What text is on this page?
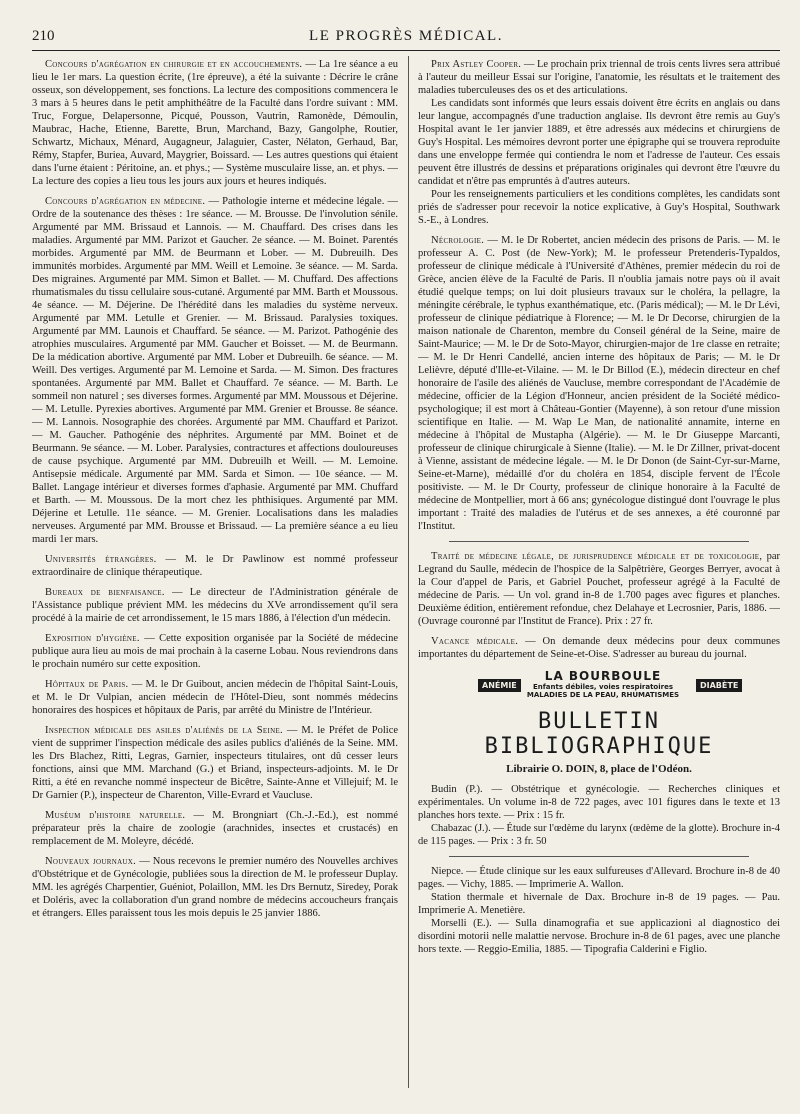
210	LE PROGRÈS MÉDICAL.

Concours d'agrégation en chirurgie et en accouchements. — La 1re séance a eu lieu le 1er mars. La question écrite, (1re épreuve), a été la suivante : Décrire le crâne osseux, son développement, ses fonctions. La lecture des compositions commencera le 3 mars à 5 heures dans le petit amphithéâtre de la Faculté dans l'ordre suivant : MM. Truc, Forgue, Delapersonne, Picqué, Pousson, Vautrin, Ramonède, Démoulin, Maubrac, Hache, Etienne, Barette, Brun, Marchand, Bazy, Gangolphe, Routier, Schwartz, Michaux, Ménard, Augagneur, Jalaguier, Caster, Nélaton, Gerhaud, Bar, Rémy, Stapfer, Buriea, Auvard, Maygrier, Boissard. — Les autres questions qui étaient dans l'urne étaient : Péritoine, an. et phys.; — Système musculaire lisse, an. et phys. — La lecture des copies a lieu tous les jours aux jours et heures indiqués.

Concours d'agrégation en médecine. — Pathologie interne et médecine légale. — Ordre de la soutenance des thèses : 1re séance. — M. Brousse. De l'involution sénile. Argumenté par MM. Brissaud et Lannois. — M. Chauffard. Des crises dans les maladies. Argumenté par MM. Parizot et Gaucher. 2e séance. — M. Boinet. Parentés morbides. Argumenté par MM. de Beurmann et Lober. — M. Dubreuilh. Des immunités morbides. Argumenté par MM. Weill et Lemoine. 3e séance. — M. Sarda. Des migraines. Argumenté par MM. Simon et Ballet. — M. Chuffard. Des affections rhumatismales du tissu cellulaire sous-cutané. Argumenté par MM. Barth et Moussous. 4e séance. — M. Déjerine. De l'hérédité dans les maladies du système nerveux. Argumenté par MM. Letulle et Grenier. — M. Brissaud. Paralysies toxiques. Argumenté par MM. Launois et Chauffard. 5e séance. — M. Parizot. Pathogénie des atrophies musculaires. Argumenté par MM. Gaucher et Boisset. — M. de Beurmann. De la médication abortive. Argumenté par MM. Lober et Dubreuilh. 6e séance. — M. Weill. Des vertiges. Argumenté par M. Lemoine et Sarda. — M. Simon. Des fractures spontanées. Argumenté par MM. Ballet et Chauffard. 7e séance. — M. Barth. Le sommeil non naturel ; ses diverses formes. Argumenté par MM. Moussous et Déjerine. — M. Letulle. Pyrexies abortives. Argumenté par MM. Grenier et Brousse. 8e séance. — M. Lannois. Nosographie des chorées. Argumenté par MM. Chauffard et Parizot. — M. Gaucher. Pathogénie des néphrites. Argumenté par MM. Boinet et de Beurmann. 9e séance. — M. Lober. Paralysies, contractures et affections douloureuses de cause psychique. Argumenté par MM. Dubreuilh et Weill. — M. Lemoine. Antisepsie médicale. Argumenté par MM. Sarda et Simon. — 10e séance. — M. Ballet. Langage intérieur et diverses formes d'aphasie. Argumenté par MM. Chuffard et Barth. — M. Moussous. De la mort chez les phthisiques. Argumenté par MM. Déjerine et Letulle. 11e séance. — M. Grenier. Localisations dans les maladies nerveuses. Argumenté par MM. Brousse et Brissaud. — La première séance a eu lieu mardi 1er mars.

Universités étrangères. — M. le Dr Pawlinow est nommé professeur extraordinaire de clinique thérapeutique.

Bureaux de bienfaisance. — Le directeur de l'Administration générale de l'Assistance publique prévient MM. les médecins du XVe arrondissement qu'il sera procédé à la mairie de cet arrondissement, le 15 mars 1886, à l'élection d'un médecin.

Exposition d'hygiène. — Cette exposition organisée par la Société de médecine publique aura lieu au mois de mai prochain à la caserne Lobau. Nous reviendrons dans le prochain numéro sur cette exposition.

Hôpitaux de Paris. — M. le Dr Guibout, ancien médecin de l'hôpital Saint-Louis, et M. le Dr Vulpian, ancien médecin de l'Hôtel-Dieu, sont nommés médecins honoraires des hospices et hôpitaux de Paris, par arrêté du Ministre de l'Intérieur.

Inspection médicale des asiles d'aliénés de la Seine. — M. le Préfet de Police vient de supprimer l'inspection médicale des asiles publics d'aliénés de la Seine. MM. les Drs Blachez, Ritti, Legras, Garnier, inspecteurs titulaires, ont dû cesser leurs fonctions, ainsi que MM. Marchand (G.) et Briand, inspecteurs-adjoints. M. le Dr Ritti, a été en revanche nommé inspecteur de Bicêtre, Sainte-Anne et Villejuif; M. le Dr Garnier (P.), inspecteur de Charenton, Ville-Evrard et Vaucluse.

Muséum d'histoire naturelle. — M. Brongniart (Ch.-J.-Ed.), est nommé préparateur près la chaire de zoologie (arachnides, insectes et crustacés) en remplacement de M. Moleyre, décédé.

Nouveaux journaux. — Nous recevons le premier numéro des Nouvelles archives d'Obstétrique et de Gynécologie, publiées sous la direction de M. le professeur Duplay. MM. les agrégés Charpentier, Guéniot, Polaillon, MM. les Drs Bernutz, Siredey, Porak et Doléris, avec la collaboration d'un grand nombre de médecins accoucheurs français et étrangers. Elles paraissent tous les mois depuis le 25 janvier 1886.

Prix Astley Cooper. — Le prochain prix triennal de trois cents livres sera attribué à l'auteur du meilleur Essai sur l'origine, l'anatomie, les résultats et le traitement des maladies tuberculeuses des os et des articulations.

Les candidats sont informés que leurs essais doivent être écrits en anglais ou dans leur langue, accompagnés d'une traduction anglaise. Ils devront être remis au Guy's Hospital avant le 1er janvier 1889, et être adressés aux médecins et chirurgiens de Guy's Hospital. Les mémoires devront porter une épigraphe qui se trouvera reproduite dans une enveloppe fermée qui contiendra le nom et l'adresse de l'auteur. Ces essais peuvent être illustrés de dessins et préparations originales qui devront être l'œuvre du candidat et n'être pas empruntés à d'autres auteurs.

Pour les renseignements particuliers et les conditions complètes, les candidats sont priés de s'adresser pour recevoir la notice explicative, à Guy's Hospital, Southwark S.-E., à Londres.

Nécrologie. — M. le Dr Robertet, ancien médecin des prisons de Paris. — M. le professeur A. C. Post (de New-York); M. le professeur Pretenderis-Typaldos, professeur de clinique médicale à l'Université d'Athènes, premier médecin du roi de Grèce, ancien élève de la Faculté de Paris. Il n'oublia jamais notre pays où il avait étudié quelque temps; on lui doit plusieurs travaux sur le choléra, la pellagre, la méningite cérébrale, le typhus exanthématique, etc. (Paris médical); — M. le Dr Lévi, professeur de clinique pédiatrique à Florence; — M. le Dr Decorse, chirurgien de la maison nationale de Charenton, membre du Conseil général de la Seine, maire de Saint-Maurice; — M. le Dr de Soto-Mayor, chirurgien-major de 1re classe en retraite; — M. le Dr Henri Candellé, ancien interne des hôpitaux de Paris; — M. le Dr Lelièvre, député d'Ille-et-Vilaine. — M. le Dr Billod (E.), médecin directeur en chef honoraire de l'asile des aliénés de Vaucluse, membre correspondant de l'Académie de médecine, officier de la Légion d'Honneur, ancien président de la Société médico-psychologique; il est mort à Château-Gontier (Mayenne), à son retour d'une mission scientifique en Italie. — M. Wap Le Man, de nationalité annamite, interne en médecine à l'hôpital de Mustapha (Algérie). — M. le Dr Giuseppe Marcanti, professeur de clinique chirurgicale à Sienne (Italie). — M. le Dr Zillner, privat-docent à Vienne, assistant de médecine légale. — M. le Dr Donon (de Saint-Cyr-sur-Marne, Seine-et-Marne), médaillé d'or du choléra en 1854, disciple fervent de l'École positiviste. — M. le Dr Courty, professeur de clinique honoraire à la Faculté de médecine de Montpellier, mort à 66 ans; gynécologue distingué dont l'ouvrage le plus important : Traité des maladies de l'utérus et de ses annexes, a été couronné par l'Institut.

Traité de médecine légale, de jurisprudence médicale et de toxicologie, par Legrand du Saulle, médecin de l'hospice de la Salpêtrière, Georges Berryer, avocat à la Cour d'appel de Paris, et Gabriel Pouchet, professeur agrégé à la Faculté de médecine de Paris. — Un vol. grand in-8 de 1.700 pages avec figures et planches. Deuxième édition, entièrement refondue, chez Delahaye et Lecrosnier, Paris, 1886. — (Ouvrage couronné par l'Institut de France). Prix : 27 fr.

Vacance médicale. — On demande deux médecins pour deux communes importantes du département de Seine-et-Oise. S'adresser au bureau du journal.

ANÉMIE
LA BOURBOULE
Enfants débiles, voies respiratoires
MALADIES DE LA PEAU, RHUMATISMES
DIABÈTE
BULLETIN BIBLIOGRAPHIQUE
Librairie O. DOIN, 8, place de l'Odéon.

Budin (P.). — Obstétrique et gynécologie. — Recherches cliniques et expérimentales. Un volume in-8 de 722 pages, avec 101 figures dans le texte et 13 planches hors texte. — Prix : 15 fr.

Chabazac (J.). — Étude sur l'œdème du larynx (œdème de la glotte). Brochure in-4 de 115 pages. — Prix : 3 fr. 50

Niepce. — Étude clinique sur les eaux sulfureuses d'Allevard. Brochure in-8 de 40 pages. — Vichy, 1885. — Imprimerie A. Wallon.

Station thermale et hivernale de Dax. Brochure in-8 de 19 pages. — Pau. Imprimerie A. Menetière.

Morselli (E.). — Sulla dinamografia et sue applicazioni al diagnostico dei disordini motorii nelle malattie nervose. Brochure in-8 de 61 pages, avec une planche hors texte. — Reggio-Emilia, 1885. — Tipografia Calderini e Figlio.
